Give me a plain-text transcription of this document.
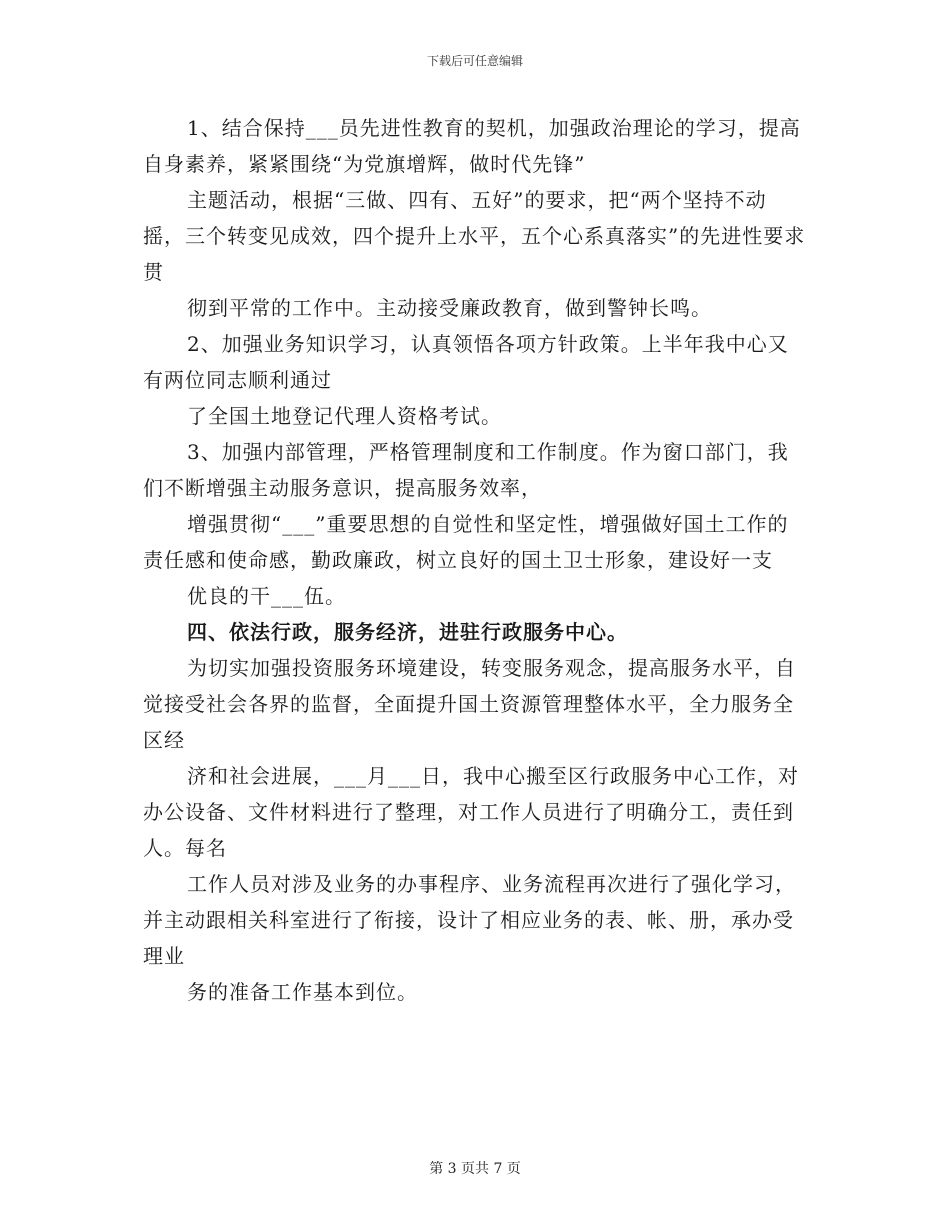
下载后可任意编辑

1、结合保持___员先进性教育的契机，加强政治理论的学习，提高自身素养，紧紧围绕“为党旗增辉，做时代先锋”

主题活动，根据“三做、四有、五好”的要求，把“两个坚持不动摇，三个转变见成效，四个提升上水平，五个心系真落实”的先进性要求贯

彻到平常的工作中。主动接受廉政教育，做到警钟长鸣。

2、加强业务知识学习，认真领悟各项方针政策。上半年我中心又有两位同志顺利通过

了全国土地登记代理人资格考试。

3、加强内部管理，严格管理制度和工作制度。作为窗口部门，我们不断增强主动服务意识，提高服务效率，

增强贯彻“___”重要思想的自觉性和坚定性，增强做好国土工作的责任感和使命感，勤政廉政，树立良好的国土卫士形象，建设好一支

优良的干___伍。

四、依法行政，服务经济，进驻行政服务中心。

为切实加强投资服务环境建设，转变服务观念，提高服务水平，自觉接受社会各界的监督，全面提升国土资源管理整体水平，全力服务全区经

济和社会进展，___月___日，我中心搬至区行政服务中心工作，对办公设备、文件材料进行了整理，对工作人员进行了明确分工，责任到人。每名

工作人员对涉及业务的办事程序、业务流程再次进行了强化学习，并主动跟相关科室进行了衔接，设计了相应业务的表、帐、册，承办受理业

务的准备工作基本到位。

第 3 页共 7 页
